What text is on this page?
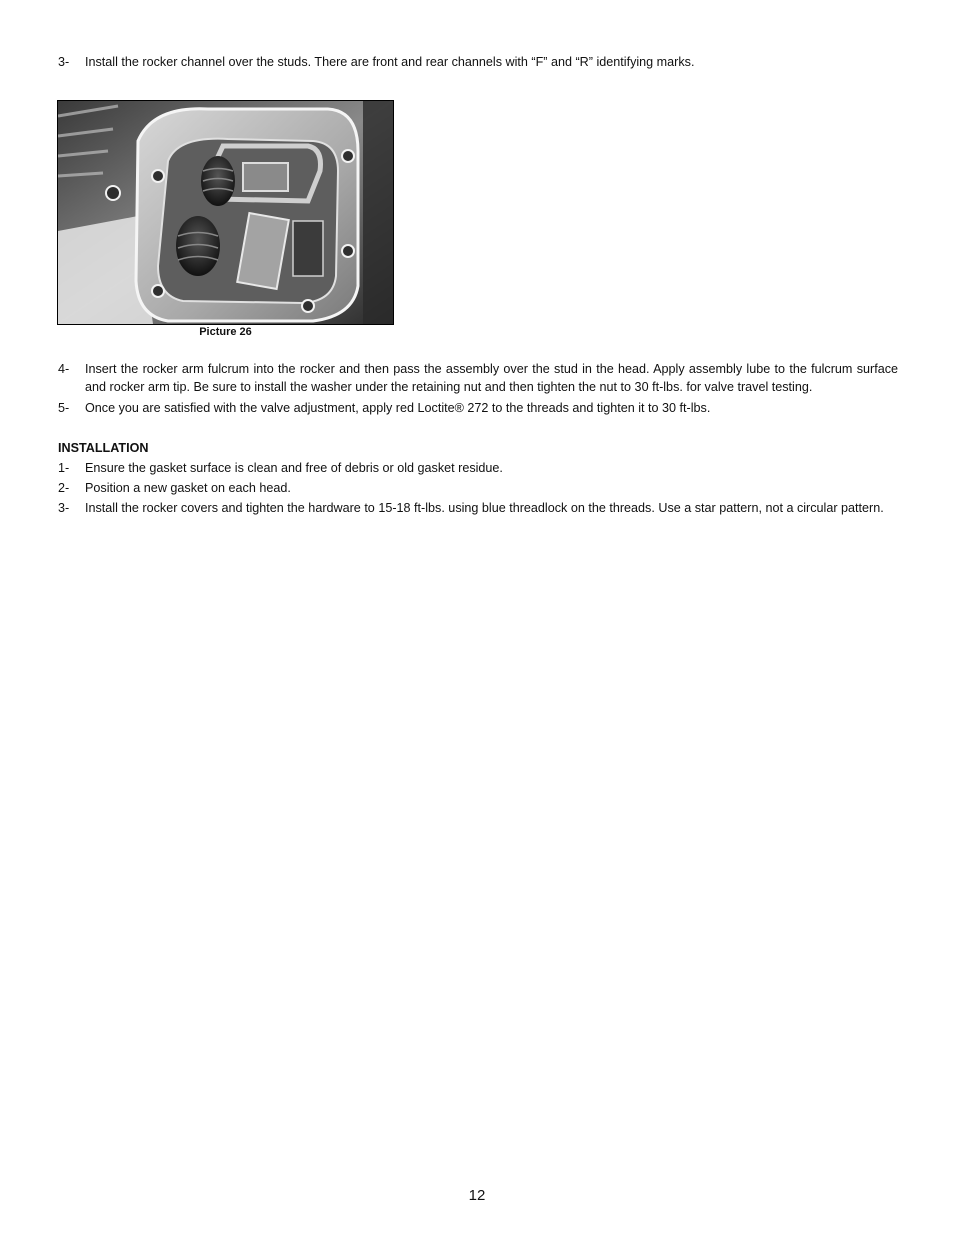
3-	Install the rocker channel over the studs. There are front and rear channels with “F” and “R” identifying marks.
Picture 26
4-	Insert the rocker arm fulcrum into the rocker and then pass the assembly over the stud in the head. Apply assembly lube to the fulcrum surface and rocker arm tip. Be sure to install the washer under the retaining nut and then tighten the nut to 30 ft-lbs. for valve travel testing.
5-	Once you are satisfied with the valve adjustment, apply red Loctite® 272 to the threads and tighten it to 30 ft-lbs.
INSTALLATION
1-	Ensure the gasket surface is clean and free of debris or old gasket residue.
2-	Position a new gasket on each head.
3-	Install the rocker covers and tighten the hardware to 15-18 ft-lbs. using blue threadlock on the threads. Use a star pattern, not a circular pattern.
12
